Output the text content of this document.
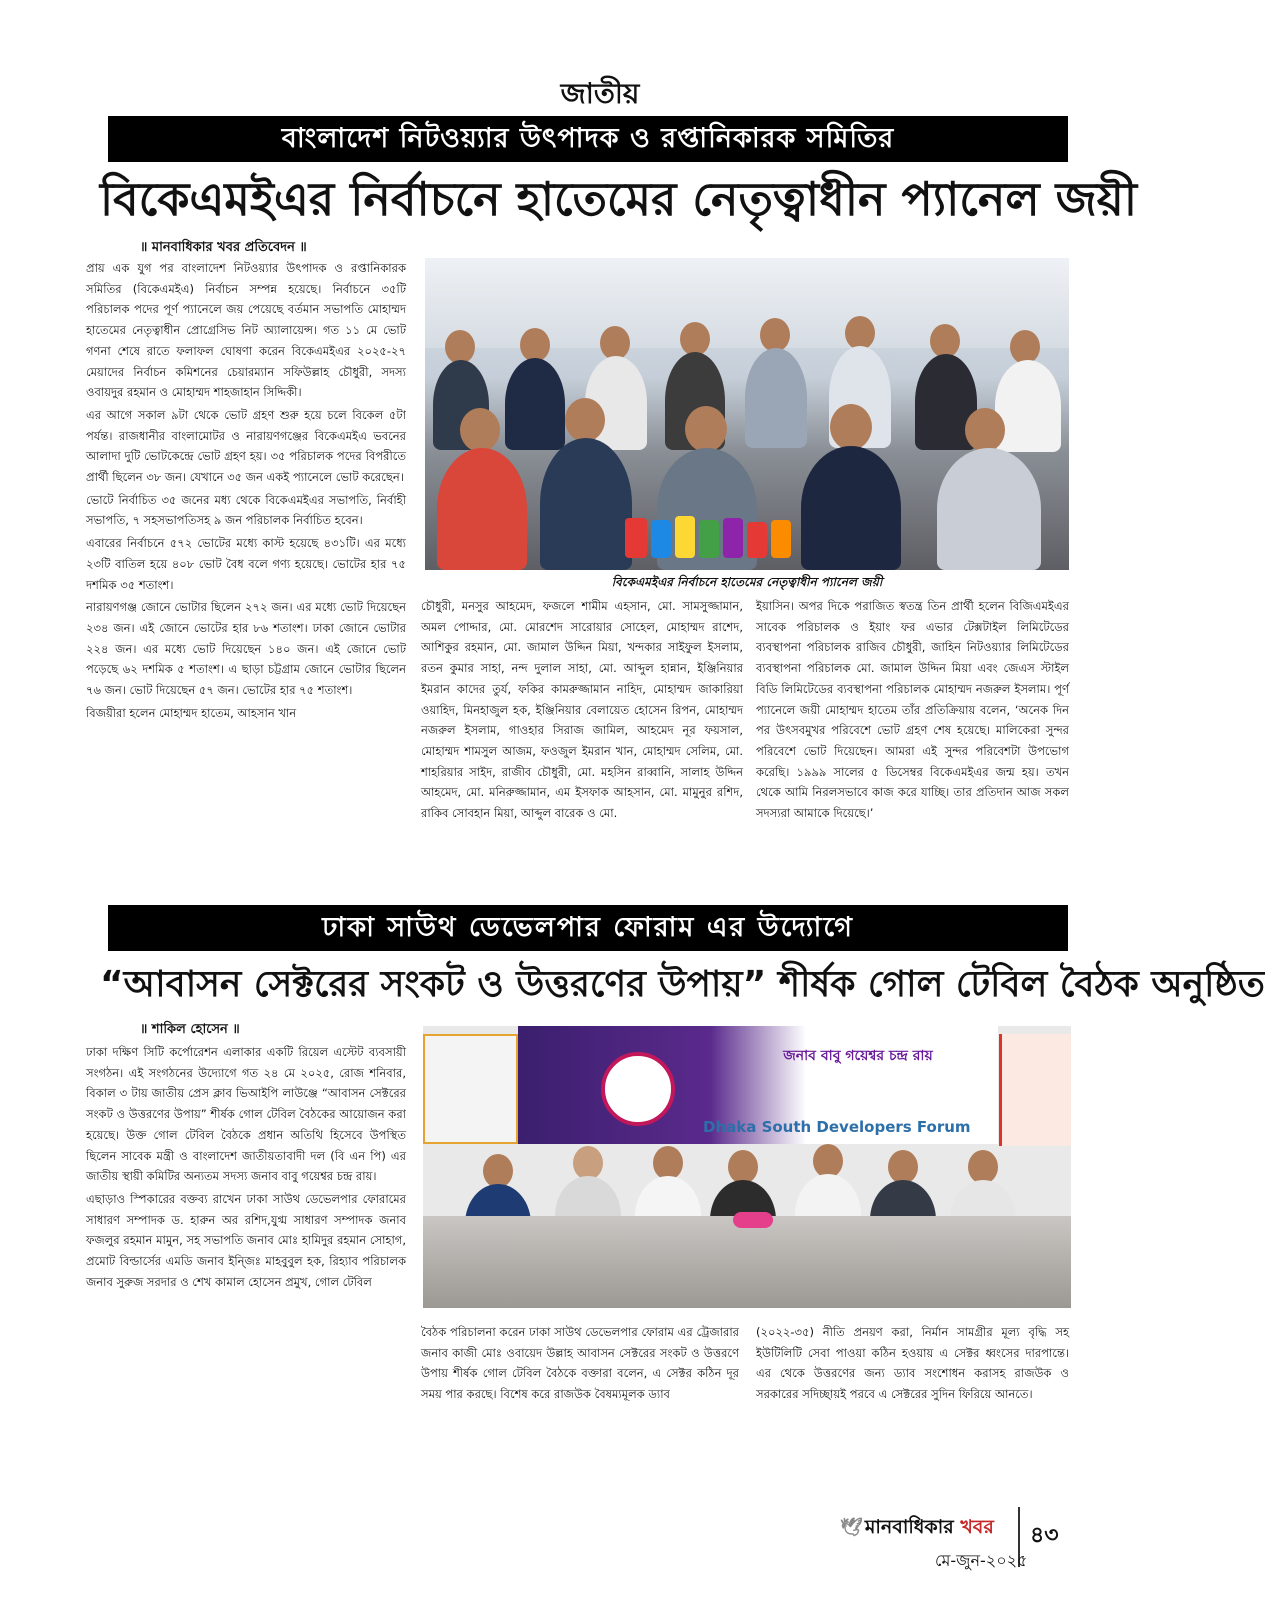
জাতীয়
বাংলাদেশ নিটওয়্যার উৎপাদক ও রপ্তানিকারক সমিতির
বিকেএমইএর নির্বাচনে হাতেমের নেতৃত্বাধীন প্যানেল জয়ী
॥ মানবাধিকার খবর প্রতিবেদন ॥

প্রায় এক যুগ পর বাংলাদেশ নিটওয়্যার উৎপাদক ও রপ্তানিকারক সমিতির (বিকেএমইএ) নির্বাচন সম্পন্ন হয়েছে। নির্বাচনে ৩৫টি পরিচালক পদের পূর্ণ প্যানেলে জয় পেয়েছে বর্তমান সভাপতি মোহাম্মদ হাতেমের নেতৃত্বাধীন প্রোগ্রেসিভ নিট অ্যালায়েন্স। গত ১১ মে ভোট গণনা শেষে রাতে ফলাফল ঘোষণা করেন বিকেএমইএর ২০২৫-২৭ মেয়াদের নির্বাচন কমিশনের চেয়ারম্যান সফিউল্লাহ চৌধুরী, সদস্য ওবায়দুর রহমান ও মোহাম্মদ শাহজাহান সিদ্দিকী।

এর আগে সকাল ৯টা থেকে ভোট গ্রহণ শুরু হয়ে চলে বিকেল ৫টা পর্যন্ত। রাজধানীর বাংলামোটর ও নারায়ণগঞ্জের বিকেএমইএ ভবনের আলাদা দুটি ভোটকেন্দ্রে ভোট গ্রহণ হয়। ৩৫ পরিচালক পদের বিপরীতে প্রার্থী ছিলেন ৩৮ জন। যেখানে ৩৫ জন একই প্যানেলে ভোট করেছেন।

ভোটে নির্বাচিত ৩৫ জনের মধ্য থেকে বিকেএমইএর সভাপতি, নির্বাহী সভাপতি, ৭ সহসভাপতিসহ ৯ জন পরিচালক নির্বাচিত হবেন।

এবারের নির্বাচনে ৫৭২ ভোটের মধ্যে কাস্ট হয়েছে ৪৩১টি। এর মধ্যে ২৩টি বাতিল হয়ে ৪০৮ ভোট বৈধ বলে গণ্য হয়েছে। ভোটের হার ৭৫ দশমিক ৩৫ শতাংশ।

নারায়ণগঞ্জ জোনে ভোটার ছিলেন ২৭২ জন। এর মধ্যে ভোট দিয়েছেন ২৩৪ জন। এই জোনে ভোটের হার ৮৬ শতাংশ। ঢাকা জোনে ভোটার ২২৪ জন। এর মধ্যে ভোট দিয়েছেন ১৪০ জন। এই জোনে ভোট পড়েছে ৬২ দশমিক ৫ শতাংশ। এ ছাড়া চট্টগ্রাম জোনে ভোটার ছিলেন ৭৬ জন। ভোট দিয়েছেন ৫৭ জন। ভোটের হার ৭৫ শতাংশ।

বিজয়ীরা হলেন মোহাম্মদ হাতেম, আহসান খান

বিকেএমইএর নির্বাচনে হাতেমের নেতৃত্বাধীন প্যানেল জয়ী

চৌধুরী, মনসুর আহমেদ, ফজলে শামীম এহসান, মো. সামসুজ্জামান, অমল পোদ্দার, মো. মোরশেদ সারোয়ার সোহেল, মোহাম্মদ রাশেদ, আশিকুর রহমান, মো. জামাল উদ্দিন মিয়া, খন্দকার সাইফুল ইসলাম, রতন কুমার সাহা, নন্দ দুলাল সাহা, মো. আব্দুল হান্নান, ইঞ্জিনিয়ার ইমরান কাদের তুর্য, ফকির কামরুজ্জামান নাহিদ, মোহাম্মদ জাকারিয়া ওয়াহিদ, মিনহাজুল হক, ইঞ্জিনিয়ার বেলায়েত হোসেন রিপন, মোহাম্মদ নজরুল ইসলাম, গাওহার সিরাজ জামিল, আহমেদ নূর ফয়সাল, মোহাম্মদ শামসুল আজম, ফওজুল ইমরান খান, মোহাম্মদ সেলিম, মো. শাহরিয়ার সাইদ, রাজীব চৌধুরী, মো. মহসিন রাব্বানি, সালাহ উদ্দিন আহমেদ, মো. মনিরুজ্জামান, এম ইসফাক আহসান, মো. মামুনুর রশিদ, রাকিব সোবহান মিয়া, আব্দুল বারেক ও মো.

ইয়াসিন। অপর দিকে পরাজিত স্বতন্ত্র তিন প্রার্থী হলেন বিজিএমইএর সাবেক পরিচালক ও ইয়াং ফর এভার টেক্সটাইল লিমিটেডের ব্যবস্থাপনা পরিচালক রাজিব চৌধুরী, জাহিন নিটওয়্যার লিমিটেডের ব্যবস্থাপনা পরিচালক মো. জামাল উদ্দিন মিয়া এবং জেএস স্টাইল বিডি লিমিটেডের ব্যবস্থাপনা পরিচালক মোহাম্মদ নজরুল ইসলাম। পূর্ণ প্যানেলে জয়ী মোহাম্মদ হাতেম তাঁর প্রতিক্রিয়ায় বলেন, ‘অনেক দিন পর উৎসবমুখর পরিবেশে ভোট গ্রহণ শেষ হয়েছে। মালিকেরা সুন্দর পরিবেশে ভোট দিয়েছেন। আমরা এই সুন্দর পরিবেশটা উপভোগ করেছি। ১৯৯৯ সালের ৫ ডিসেম্বর বিকেএমইএর জন্ম হয়। তখন থেকে আমি নিরলসভাবে কাজ করে যাচ্ছি। তার প্রতিদান আজ সকল সদস্যরা আমাকে দিয়েছে।’

ঢাকা সাউথ ডেভেলপার ফোরাম এর উদ্যোগে
“আবাসন সেক্টরের সংকট ও উত্তরণের উপায়” শীর্ষক গোল টেবিল বৈঠক অনুষ্ঠিত
॥ শাকিল হোসেন ॥

ঢাকা দক্ষিণ সিটি কর্পোরেশন এলাকার একটি রিয়েল এস্টেট ব্যবসায়ী সংগঠন। এই সংগঠনের উদ্যোগে গত ২৪ মে ২০২৫, রোজ শনিবার, বিকাল ৩ টায় জাতীয় প্রেস ক্লাব ভিআইপি লাউঞ্জে “আবাসন সেক্টরের সংকট ও উত্তরণের উপায়” শীর্ষক গোল টেবিল বৈঠকের আয়োজন করা হয়েছে। উক্ত গোল টেবিল বৈঠকে প্রধান অতিথি হিসেবে উপস্থিত ছিলেন সাবেক মন্ত্রী ও বাংলাদেশ জাতীয়তাবাদী দল (বি এন পি) এর জাতীয় স্থায়ী কমিটির অন্যতম সদস্য জনাব বাবু গয়েশ্বর চন্দ্র রায়।

এছাড়াও স্পিকারের বক্তব্য রাখেন ঢাকা সাউথ ডেভেলপার ফোরামের সাধারণ সম্পাদক ড. হারুন অর রশিদ,যুগ্ম সাধারণ সম্পাদক জনাব ফজলুর রহমান মামুন, সহ সভাপতি জনাব মোঃ হামিদুর রহমান সোহাগ, প্রমোট বিল্ডার্সের এমডি জনাব ইন্জিঃ মাহবুবুল হক, রিহ্যাব পরিচালক জনাব সুরুজ সরদার ও শেখ কামাল হোসেন প্রমুখ, গোল টেবিল

জনাব বাবু গয়েশ্বর চন্দ্র রায়
Dhaka South Developers Forum

বৈঠক পরিচালনা করেন ঢাকা সাউথ ডেভেলপার ফোরাম এর ট্রেজারার জনাব কাজী মোঃ ওবায়েদ উল্লাহ আবাসন সেক্টরের সংকট ও উত্তরণে উপায় শীর্ষক গোল টেবিল বৈঠকে বক্তারা বলেন, এ সেক্টর কঠিন দূর সময় পার করছে। বিশেষ করে রাজউক বৈষম্যমূলক ড্যাব

(২০২২-৩৫) নীতি প্রনয়ণ করা, নির্মান সামগ্রীর মূল্য বৃদ্ধি সহ ইউটিলিটি সেবা পাওয়া কঠিন হওয়ায় এ সেক্টর ধ্বংসের দারপান্তে। এর থেকে উত্তরণের জন্য ড্যাব সংশোধন করাসহ রাজউক ও সরকারের সদিচ্ছায়ই পরবে এ সেক্টরের সুদিন ফিরিয়ে আনতে।

🕊 মানবাধিকার খবর	৪৩
মে-জুন-২০২৫
